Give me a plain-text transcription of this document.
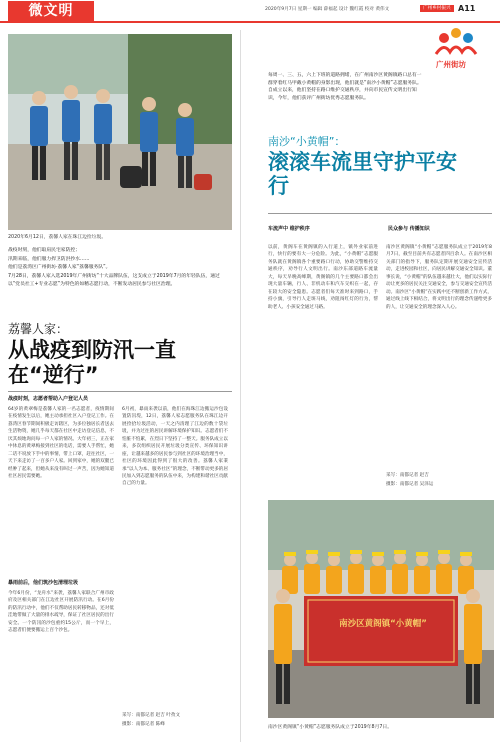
微文明	2020年9月7日 星期一 编辑 薛福起 设计 魏红霞 校对 黄伟文	广州乡村振兴 A11
广州街坊
2020年6月12日，荔馨人家在珠江边捡垃圾。

战疫时刻，他们取肩民宅家防控；

汛期来临，他们服力捍卫防洪抄水……

他们是荔湾区广州街坊·荔馨人家“荔馨服务队”。

7月28日，荔馨人家入选2019年广州街坊“十大品牌队伍，这支成立于2019年7月的年轻队伍，通过以“党员社工+专业志愿”为特色的如精志愿行动，不断发动居民参与社区治理。

荔馨人家：
从战疫到防汛一直在“逆行”
战疫时刻，志愿者帮助入户登记人员
64岁的黄翠梅是荔馨人家的一名志愿者，疫情期间在疫情发生以后，她主动承担社区入户登记工作。在荔湾区春节期间积极走访辖区，为多位独居长者送去生活物资，她几乎每天都在社区中走访登记信息，不厌其烦地询问每一户人家的情况。大年初三，正在家中休息的黄翠梅接到社区的电话，需要人手帮忙，她二话不说放下手中的事情，带上口罩，赶往社区，一天下来走访了一百多户人家。回到家中，她的双腿已经肿了起来，但她从来没有叫过一声苦，因为她知道社区居民需要她。
暴雨前后，他们筑沙包清理垃圾
今年6月份，“龙舟水”来袭，荔馨人家联合广州市政府及区相关部门在江边社区开展防汛行动。在6月份的防汛行动中，他们不仅帮助居民转移物品，还对低洼地带做了大量的排水疏导，保证了社区居民的出行安全。一个防汛的沙包重约15公斤，而一个早上，志愿者们便要搬运上百个沙包。
6月初，暴雨来袭以前，他们在海珠江边搬运沙包设置防汛堤，12日，荔馨人家志愿服务队在珠江边开展捡拾垃圾活动，一天之内清理了江边的数十袋垃圾，并为过往的居民讲解环境保护知识。志愿者们不怕脏不怕累，在烈日下坚持了一整天。服务队成立以来，多次组织居民开展垃圾分类宣传、环保知识讲座，让越来越多的居民参与到社区的环境治理当中，社区的环境因此得到了很大的改善。荔馨人家秉承“以人为本、服务社区”的理念，不断带动更多的居民加入到志愿服务的队伍中来，为构建和谐社区贡献自己的力量。
采写：南都记者 赵吉 叶孜文
摄影：南都记者 陈峰
每周一、三、五，六上下班的道路拥堵，在广州南沙区黄阁镇路口总有一群穿着红马甲戴小黄帽的身影出现，他们就是“南沙小黄帽”志愿服务队。自成立以来，他们坚持在路口维护交通秩序，并向市民宣传文明出行知识，今年，他们获评广州街坊优秀志愿服务队。
南沙“小黄帽”：
滚滚车流里守护平安行
车流声中 维护秩序	民众参与 传播知识
以前，黄阁车在黄阁镇的入行道上，镇外业家前进行，快行的要有大一分危险。为此，“小黄帽”志愿服务队就在黄阁镇各个重要路口行动，协助交警维持交通秩序，劝导行人文明出行。南沙东部道路车流量大，每天早晚高峰期，黄阁镇的几个主要路口都会出现大量车辆，行人、非机动车和汽车交织在一起，存在较大的安全隐患。志愿者们每天准时来到路口，手持小旗，引导行人走斑马线，劝阻闯红灯的行为，帮助老人、小孩安全通过马路。
南沙区黄阁镇“小黄帽”志愿服务队成立于2019年8月7日，截至目前共有志愿者四百余人。在南沙区相关部门的指导下，服务队定期开展交通安全宣传活动，走进校园和社区，向居民讲解交通安全知识。董事长说，“小黄帽”的队伍越来越壮大，他们以实际行动让更多的居民关注交通安全，参与交通安全宣传活动。南沙区“小黄帽”在实践中还不断创新工作方式，通过线上线下相结合，将文明出行的理念传递给更多的人，让交通安全的理念深入人心。
采写：南都记者 赵吉
摄影：南都记者 吴泽运
南沙区黄阁镇“小黄帽”
南沙区黄阁镇“小黄帽”志愿服务队成立于2019年8月7日。
